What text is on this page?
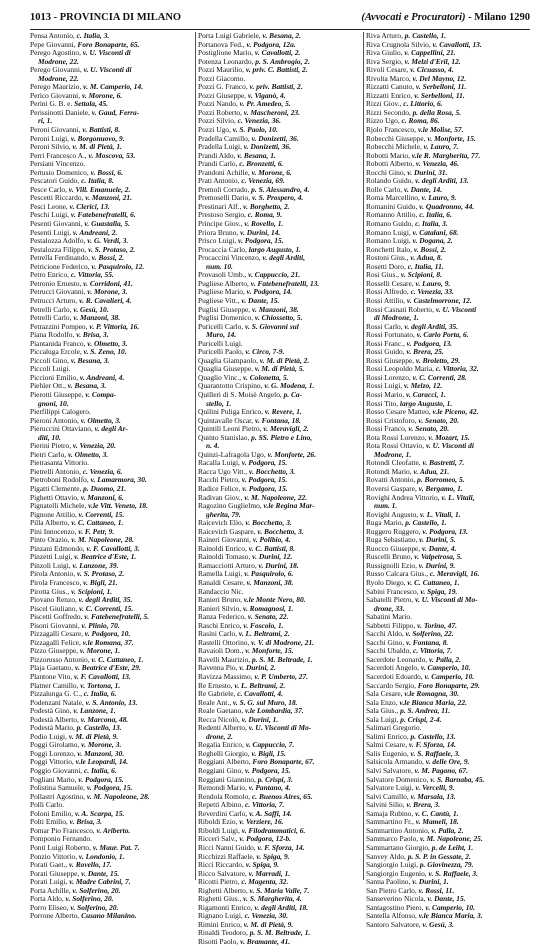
1013 - PROVINCIA DI MILANO	(Avvocati e Procuratori) - Milano 1290
Pensa Antonio, c. Italia, 3.
Pepe Giovanni, Foro Bonaparte, 65.
Perego Agostino, v. U. Visconti di
Modrone, 22.
Perego Giovanni, v. U. Visconti di
Modrone, 22.
Perego Maurizio, v. M. Camperio, 14.
Perico Giovanni, v. Morone, 6.
Perini G. B. e. Settala, 45.
Perissinotti Daniele, v. Gaud, Ferra-
ri, 1.
Peroni Giovanni, v. Battisti, 8.
Peroni Luigi, v. Borgonuovo, 9.
Peroni Silvio, v. M. di Pietà, 1.
Perri Francesco A., v. Moscova, 53.
Persiani Vincenzo.
Pertusio Domenico, v. Bossi, 6.
Pescatori Guido, c. Italia, 8.
Pesce Carlo, v. Vill. Emanuele, 2.
Pescetti Riccardo, v. Manzoni, 21.
Pesci Leone, v. Clerici, 13.
Peschi Luigi, v. Fatebenefratelli, 6.
Pesenti Giovanni, v. Guastalla, 5.
Pesenti Luigi, v. Andreani, 2.
Pestalozza Adolfo, v. G. Verdi, 3.
Pestalozza Filippo, v. S. Protaso, 2.
Petrella Ferdinando, v. Bossi, 2.
Petricione Federico, v. Pasquirolo, 12.
Petro Enrico, c. Vittoria, 55.
Petronio Ernesto, v. Corridoni, 41.
Petrucci Giovanni, v. Morone, 3.
Petrucci Arturo, v. R. Cavalieri, 4.
Petrelli Carlo, v. Gesù, 10.
Petrelli Carlo, v. Manzoni, 38.
Petrazzini Pompeo, v. P. Vittoria, 16.
Piana Rodolfo, v. Brisa, 3.
Piantanida Franco, v. Olmetto, 3.
Piccaluga Ercole, v. S. Zeno, 10.
Piccoli Gino, v. Besana, 3.
Piccoli Luigi.
Piccioni Emilio, v. Andreani, 4.
Piehler Ott., v. Besana, 3.
Pierotti Giuseppe, v. Compa-
gnoni, 10.
Pierfilippi Calogero.
Pieroni Antonio, v. Olmetto, 3.
Pieruccini Ottaviano, v. degli Ar-
diti, 10.
Pierini Pietro, v. Venezia, 20.
Pietri Carlo, v. Olmetto, 3.
Pietrasanta Vittorio.
Pietrelli Antonio, c. Venezia, 6.
Pietroboni Rodolfo, v. Lamarmora, 30.
Pigatti Clemente, p. Duomo, 21.
Pighetti Ottavio, v. Manzoni, 6.
Pignatelli Michele, v.le Vitt. Veneto, 18.
Pignone Attilio, v. Correnti, 15.
Pilla Alberto, v. C. Cattaneo, 1.
Pini Innocenzo, v. F. Petr, 9.
Pinto Orazio, v. M. Napoleone, 28.
Pinzani Edmondo, v. F. Cavallotti, 3.
Pinzetti Luigi, v. Beatrice d'Este, 1.
Pinzoli Luigi, v. Lanzone, 39.
Pirola Antonio, v. S. Protaso, 2.
Pirola Francesco, v. Bigli, 21.
Pirotta Gius., v. Scipioni, 1.
Piovano Renzo, v. degli Arditi, 35.
Piscel Giuliano, v. C. Correnti, 15.
Piscetti Goffredo, v. Fatebenefratelli, 5.
Pisoni Giovanni, v. Plinio, 70.
Pizzagalli Cesare, v. Podgora, 10.
Pizzagalli Felice, v.le Romana, 37.
Pizzo Giuseppe, v. Morone, 1.
Pizzorusso Antonio, v. C. Cattaneo, 1.
Plaja Gaetano, v. Beatrice d'Este, 29.
Plantone Vito, v. F. Cavallotti, 13.
Platner Camillo, v. Tortona, 1.
Pizzalunga G. C., c. Italia, 6.
Podenzani Natale, v. S. Antonio, 13.
Podestà Gino, v. Lanzone, 1.
Podestà Alberto, v. Marcona, 48.
Podestà Mario, p. Castello, 13.
Podio Luigi, v. M. di Pietà, 9.
Poggi Girolamo, v. Morone, 3.
Poggi Lorenzo, v. Manzoni, 30.
Poggi Vittorio, v.le Leopardi, 14.
Poggio Giovanni, c. Italia, 6.
Pogliani Mario, v. Podgora, 15.
Polistina Samuele, v. Podgora, 15.
Pollastri Agostino, v. M. Napoleone, 28.
Polli Carlo.
Poloni Emilio, v. A. Scarpa, 15.
Polti Emilio, v. Brisa, 3.
Pomar Pio Francesco, v. Ariberto.
Pomponio Fernando.
Ponti Luigi Roberto, v. Maur. Pat. 7.
Ponzio Vittorio, v. Londonio, 1.
Porati Gaet., v. Rovello, 17.
Porati Giuseppe, v. Dante, 15.
Porati Luigi, v. Madre Cabrini, 7.
Porta Achille, v. Solferino, 20.
Porta Aldo, v. Solferino, 20.
Porro Eliseo, v. Solferino, 20.
Porrone Alberto, Cusano Milanino.
Porta Luigi Gabriele, v. Besana, 2.
Portanova Fed., v. Podgora, 12a.
Postiglione Mario, v. Cavallotti, 2.
Potenza Leonardo, p. S. Ambrogio, 2.
Pozzi Maurilio, v. priv. C. Battisti, 2.
Pozzi Giacomo.
Pozzi G. Franco, v. priv. Battisti, 2.
Pozzi Giuseppe, v. Viganò, 4.
Pozzi Nando, v. Pr. Amedeo, 5.
Pozzi Roberto, v. Mascheroni, 23.
Pozzi Silvio, c. Venezia, 36.
Pozzi Ugo, v. S. Paolo, 10.
Pradella Camillo, v. Donizetti, 36.
Pradella Luigi, v. Donizetti, 36.
Prandi Aldo, v. Besana, 1.
Prandi Carlo, c. Bronzetti, 6.
Prandoni Achille, v. Morone, 6.
Prati Antonio, c. Venezia, 69.
Premoli Corrado, p. S. Alessandro, 4.
Premoselli Dario, v. S. Prospero, 4.
Prestinari Alf., v. Borghetto, 2.
Prestoso Sergio, c. Roma, 9.
Principe Giov., v. Rovello, 1.
Priora Bruno, v. Durini, 14.
Prisco Luigi, v. Podgora, 15.
Procaccia Carlo, largo Augusto, 1.
Procaccini Vincenzo, v. degli Arditi,
num. 10.
Provasoli Umb., v. Cappuccio, 21.
Pugliese Alberto, v. Fatebenefratelli, 13.
Pugliese Mario, v. Podgora, 14.
Pugliese Vitt., v. Dante, 15.
Puglisi Giuseppe, v. Manzoni, 38.
Puglisi Domenico, v. Chiossetto, 5.
Puricelli Carlo, v. S. Giovanni sul
Muro, 14.
Puricelli Luigi.
Puricelli Paolo, v. Circo, 7-9.
Quaglia Giampaolo, v. M. di Pietà, 2.
Quaglia Giuseppe, v. M. di Pietà, 5.
Quaglio Vinc., v. Colonetta, 5.
Quarantotto Crispino, v. G. Modena, 1.
Quilleri di S. Moisè Angelo, p. Ca-
stello, 1.
Quilini Puliga Enrico, v. Revere, 1.
Quintavalle Oscar, v. Fontana, 18.
Quintili Leoni Pietro, v. Meravigli, 2.
Quinto Stanislao, p. SS. Pietro e Lino,
n. 4.
Quinzi-Lafragola Ugo, v. Monforte, 26.
Racalla Luigi, v. Podgora, 15.
Racca Ugo Vitt., v. Bocchetto, 3.
Racchi Pietro, v. Podgora, 15.
Radice Felice, v. Podgora, 15.
Radivan Giov., v. M. Napoleone, 22.
Ragozino Guglielmo, v.le Regina Mar-
gherita, 79.
Raicevich Elio, v. Bocchetto, 3.
Raicevich Gaspare, v. Bocchetto, 3.
Raineri Giovanni, v. Polibio, 4.
Rainoldi Enrico, v. C. Battisti, 8.
Rainoldi Tomaso, v. Durini, 12.
Ramacciotti Arturo, v. Durini, 18.
Ramella Luigi, v. Pasquirolo, 6.
Ranaldi Cesare, v. Manzoni, 38.
Randaccio Nic.
Ranieri Bruno, v.le Monte Nero, 80.
Ranieri Silvio, v. Romagnosi, 1.
Ranza Federico, v. Senato, 22.
Raschi Enrico, v. Foscolo, 1.
Rasini Carlo, v. L. Beltrami, 2.
Rastelli Ottorino, v. V. di Modrone, 21.
Ravaioli Dom., v. Monforte, 15.
Ravelli Maurizio, p. S. M. Beltrade, 1.
Ravenna Pio, v. Durini, 2.
Ravizza Massimo, v. P. Umberto, 27.
Re Ernesto, v. L. Beltrami, 2.
Re Gabriele, c. Cavallotti, 4.
Reale Ant., v. S. G. sul Muro, 18.
Reale Gaetano, v.le Lombardia, 37.
Recca Nicolò, v. Durini, 1.
Redenti Alberto, v. U. Visconti di Mo-
drone, 2.
Regalia Enrico, v. Cappuccio, 7.
Reghelli Giorgio, v. Bigli, 15.
Reggiani Alberto, Foro Bonaparte, 67.
Reggiani Gino, v. Podgora, 15.
Reggiani Giannino, p. Crispi, 3.
Remondi Mario, v. Pantano, 4.
Rendola Romolo, c. Buenos Aires, 65.
Repetti Albino, c. Vittoria, 7.
Reverdini Carlo, v. A. Saffi, 14.
Riboldi Ezio, v. Verziere, 16.
Riboldi Luigi, v. Filodrammatici, 6.
Ricceri Salv., v. Podgora, 12-b.
Ricci Nanni Guido, v. F. Sforza, 14.
Ricchizzi Raffaele, v. Spiga, 9.
Ricci Riccardo, v. Spiga, 9.
Ricco Salvatore, v. Marradi, 1.
Ricotti Pietro, c. Magenta, 32.
Righetti Alberto, v. S. Maria Valle, 7.
Righetti Gius., v. S. Margherita, 4.
Rigamonti Enrico, v. degli Arditi, 18.
Rignano Luigi, c. Venezia, 30.
Rimini Enrico, v. M. di Pietà, 9.
Rinaldi Teodoro, p. S. M. Beltrade, 1.
Risotti Paolo, v. Bramante, 41.
Riva Arturo, p. Castello, 1.
Riva Crugnola Silvio, v. Cavallotti, 13.
Riva Giulio, v. Cappellini, 21.
Riva Sergio, v. Melzi d'Eril, 12.
Rivoli Cesare, v. Cicuasso, 4.
Rivolta Marco, v. Del Mayno, 12.
Rizzatti Canuto, v. Serbelloni, 11.
Rizzatti Enrico, v. Serbelloni, 11.
Rizzi Giov., c. Littorio, 6.
Rizzi Secondo, p. della Rosa, 5.
Rizzo Ugo, c. Roma, 86.
Rjolo Francesco, v.le Molise, 57.
Robecchi Giuseppe, v. Monforte, 15.
Robecchi Michele, v. Lauro, 7.
Robotti Mario, v.le R. Margherita, 77.
Robotti Alberto, v. Venezia, 46.
Rocchi Gino, v. Durini, 31.
Rolando Guido, v. degli Arditi, 13.
Rolle Carlo, v. Dante, 14.
Roma Marcellino, v. Lauro, 9.
Romanini Guido, v. Quadronno, 44.
Romanno Attilio, c. Italia, 6.
Romano Guido, c. Italia, 3.
Romano Luigi, v. Catalani, 68.
Romano Luigi, v. Dogana, 2.
Ronchetti Italo, v. Bossi, 2.
Rostoni Gius., v. Adua, 8.
Rosetti Doro, c. Italia, 11.
Rosi Gius., v. Scipioni, 8.
Rosselli Cesare, v. Lauro, 9.
Rossi Alfredo, c. Venezia, 33.
Rossi Attilio, v. Castelmorrone, 12.
Rossi Casnati Roberto, v. U. Visconti
di Modrone, 1.
Rossi Carlo, v. degli Arditi, 35.
Rossi Fortunato, v. Carlo Porta, 6.
Rossi Franc., v. Podgora, 13.
Rossi Guido, v. Brera, 25.
Rossi Giuseppe, v. Broletto, 29.
Rossi Leopoldo Maria, c. Vittoria, 32.
Rossi Lorenzo, v. C. Correnti, 28.
Rossi Luigi, v. Melzo, 12.
Rossi Mario, v. Caracci, 1.
Rossi Tito, largo Augusto, 1.
Rosso Cesare Matteo, v.le Piceno, 42.
Rossi Cristoforo, v. Senato, 20.
Rossi Franco, v. Senato, 20.
Rota Rossi Lorenzo, v. Mozart, 15.
Rota Rossi Ottavio, v. U. Visconti di
Modrone, 1.
Rotondi Cleofatte, v. Bastretti, 7.
Rotondi Mario, v. Adua, 21.
Rovatti Antonio, p. Borromeo, 5.
Roversi Gaspare, v. Bergamo, 1.
Rovighi Andrea Vittorio, v. L. Vitali,
num. 1.
Rovighi Augusto, v. L. Vitali, 1.
Ruga Mario, p. Castello, 1.
Ruggero Ruggero, v. Podgora, 13.
Ruga Sebastiano, v. Durini, 5.
Ruocco Giuseppe, v. Dante, 4.
Ruscelli Bruno, v. Valpetrosa, 5.
Russignolli Ezio, v. Durini, 9.
Russo Calcara Gius., c. Meravigli, 16.
Ryolo Diego, v. C. Cattaneo, 1.
Sabini Francesco, v. Spiga, 19.
Sabatelli Pietro, v. U. Visconti di Mo-
drone, 33.
Sabatini Mario.
Sabbetti Filippo, v. Torino, 47.
Sacchi Aldo, v. Solferino, 22.
Sacchi Gino, v. Fontana, 8.
Sacchi Ubaldo, c. Vittoria, 7.
Sacerdote Leonardo, v. Palla, 2.
Sacerdoti Angelo, v. Camperio, 10.
Sacerdoti Edoardo, v. Camperio, 10.
Saccardo Sergio, Foro Bonaparte, 29.
Sala Cesare, v.le Romagna, 30.
Sala Enzo, v.le Bianca Maria, 22.
Sala Gius., p. S. Andrea, 11.
Sala Luigi, p. Crispi, 2-4.
Salimari Gregorio.
Salimi Enrico, p. Castello, 13.
Salmi Cesare, v. F. Sforza, 14.
Salis Eugenio, v. S. Raffaele, 3.
Salsicola Armando, v. delle Ore, 9.
Salvi Salvatore, v. M. Pagano, 67.
Salvatore Domenico, v. S. Barnaba, 45.
Salvatore Luigi, v. Vercelli, 9.
Salvi Camillo, v. Marsala, 13.
Salvini Silio, v. Brera, 3.
Samaja Rubino, v. C. Cantù, 1.
Sammartino Fr., v. Mameli, 18.
Sammartino Antonio, v. Palla, 2.
Sammarco Paolo, v. M. Napoleone, 25.
Sammartano Giorgio, p. de Leiht, 1.
Sanvey Aldo, p. S. P. in Gessate, 2.
Sangiorgio Luigi, p. Giovinezza, 79.
Sangiorgio Eugenio, v. S. Raffaele, 3.
Sanna Paolino, v. Durini, 1.
San Pietro Carlo, v. Rossi, 11.
Sanseverino Nicola, v. Dante, 15.
Santagostino Piero, v. Camperio, 10.
Santella Alfonso, v.le Bianca Maria, 3.
Santoro Salvatore, v. Gesù, 3.
